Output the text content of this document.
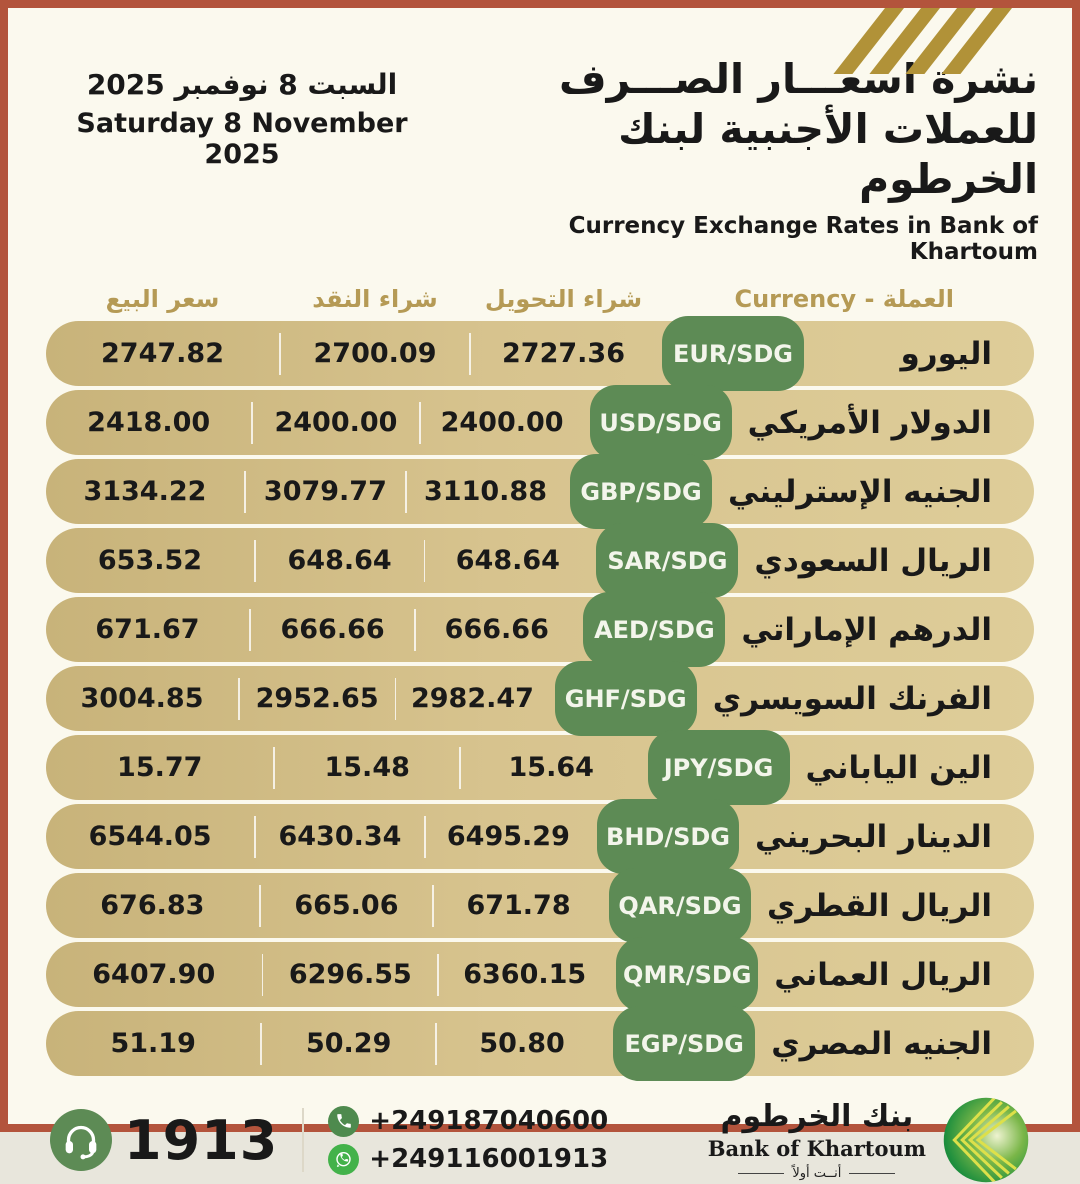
السبت 8 نوفمبر 2025
Saturday 8 November 2025
نشرة اسعـــار الصـــرف
للعملات الأجنبية لبنك الخرطوم
Currency Exchange Rates in Bank of Khartoum
سعر البيع	شراء النقد	شراء التحويل	العملة - Currency
2747.82	2700.09	2727.36	EUR/SDG	اليورو
2418.00	2400.00	2400.00	USD/SDG الدولار الأمريكي
3134.22	3079.77	3110.88	GBP/SDG الجنيه الإسترليني
653.52	648.64	648.64	SAR/SDG الريال السعودي
671.67	666.66	666.66	AED/SDG الدرهم الإماراتي
3004.85	2952.65	2982.47	GHF/SDG الفرنك السويسري
15.77	15.48	15.64	JPY/SDG	الين الياباني
6544.05	6430.34	6495.29	BHD/SDG الدينار البحريني
676.83	665.06	671.78	QAR/SDG الريال القطري
6407.90	6296.55	6360.15	QMR/SDG الريال العماني
51.19	50.29	50.80	EGP/SDG الجنيه المصري
1913	+249187040600
+249116001913
بنك الخرطوم
Bank of Khartoum
أنــت أولاً
